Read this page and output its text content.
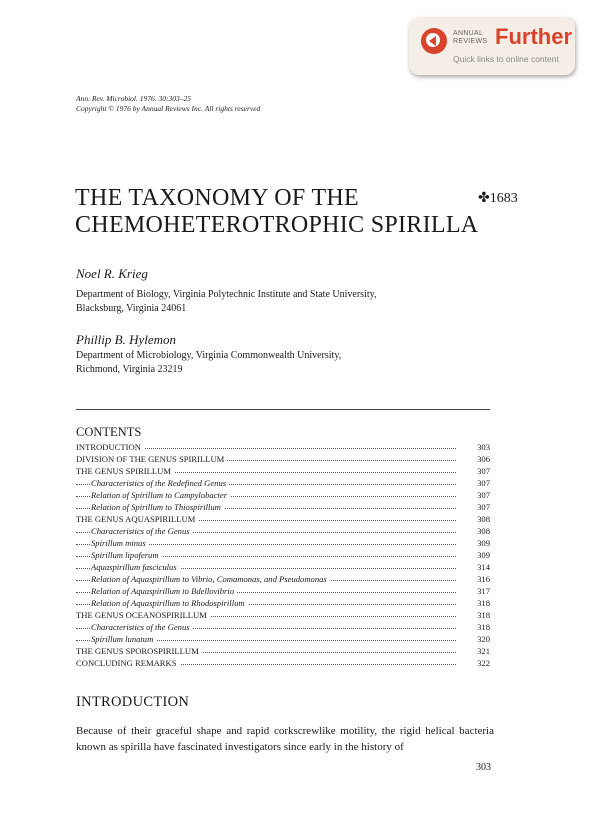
ANNUAL
REVIEWS Further
Quick links to online content
Ann. Rev. Microbiol. 1976. 30:303–25
Copyright © 1976 by Annual Reviews Inc. All rights reserved
THE TAXONOMY OF THE
CHEMOHETEROTROPHIC SPIRILLA
✤1683
Noel R. Krieg
Department of Biology, Virginia Polytechnic Institute and State University,
Blacksburg, Virginia 24061
Phillip B. Hylemon
Department of Microbiology, Virginia Commonwealth University,
Richmond, Virginia 23219
CONTENTS
INTRODUCTION	303
DIVISION OF THE GENUS SPIRILLUM	306
THE GENUS SPIRILLUM	307
Characteristics of the Redefined Genus	307
Relation of Spirillum to Campylobacter	307
Relation of Spirillum to Thiospirillum	307
THE GENUS AQUASPIRILLUM	308
Characteristics of the Genus	308
Spirillum minus	309
Spirillum lipoferum	309
Aquaspirillum fasciculus	314
Relation of Aquaspirillum to Vibrio, Comamonas, and Pseudomonas	316
Relation of Aquaspirillum to Bdellovibrio	317
Relation of Aquaspirillum to Rhodospirillum	318
THE GENUS OCEANOSPIRILLUM	318
Characteristics of the Genus	318
Spirillum lunatum	320
THE GENUS SPOROSPIRILLUM	321
CONCLUDING REMARKS	322
INTRODUCTION
Because of their graceful shape and rapid corkscrewlike motility, the rigid helical bacteria known as spirilla have fascinated investigators since early in the history of
303
